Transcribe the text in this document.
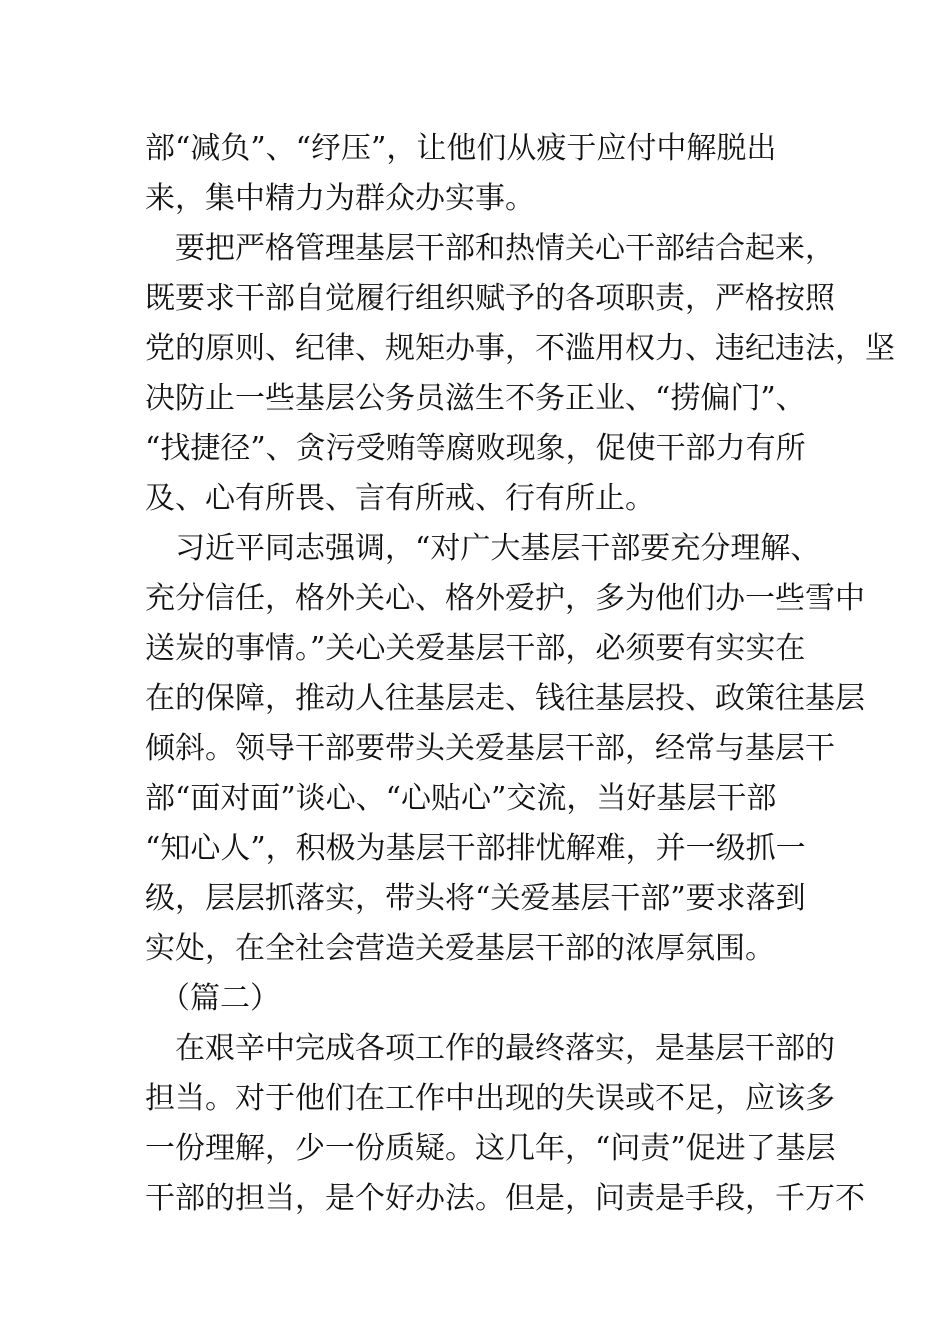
部“减负”、“纾压”，让他们从疲于应付中解脱出
来，集中精力为群众办实事。
　要把严格管理基层干部和热情关心干部结合起来，
既要求干部自觉履行组织赋予的各项职责，严格按照
党的原则、纪律、规矩办事，不滥用权力、违纪违法，坚
决防止一些基层公务员滋生不务正业、“捞偏门”、
“找捷径”、贪污受贿等腐败现象，促使干部力有所
及、心有所畏、言有所戒、行有所止。
　习近平同志强调，“对广大基层干部要充分理解、
充分信任，格外关心、格外爱护，多为他们办一些雪中
送炭的事情。”关心关爱基层干部，必须要有实实在
在的保障，推动人往基层走、钱往基层投、政策往基层
倾斜。领导干部要带头关爱基层干部，经常与基层干
部“面对面”谈心、“心贴心”交流，当好基层干部
“知心人”，积极为基层干部排忧解难，并一级抓一
级，层层抓落实，带头将“关爱基层干部”要求落到
实处，在全社会营造关爱基层干部的浓厚氛围。
　（篇二）
　在艰辛中完成各项工作的最终落实，是基层干部的
担当。对于他们在工作中出现的失误或不足，应该多
一份理解，少一份质疑。这几年，“问责”促进了基层
干部的担当，是个好办法。但是，问责是手段，千万不
